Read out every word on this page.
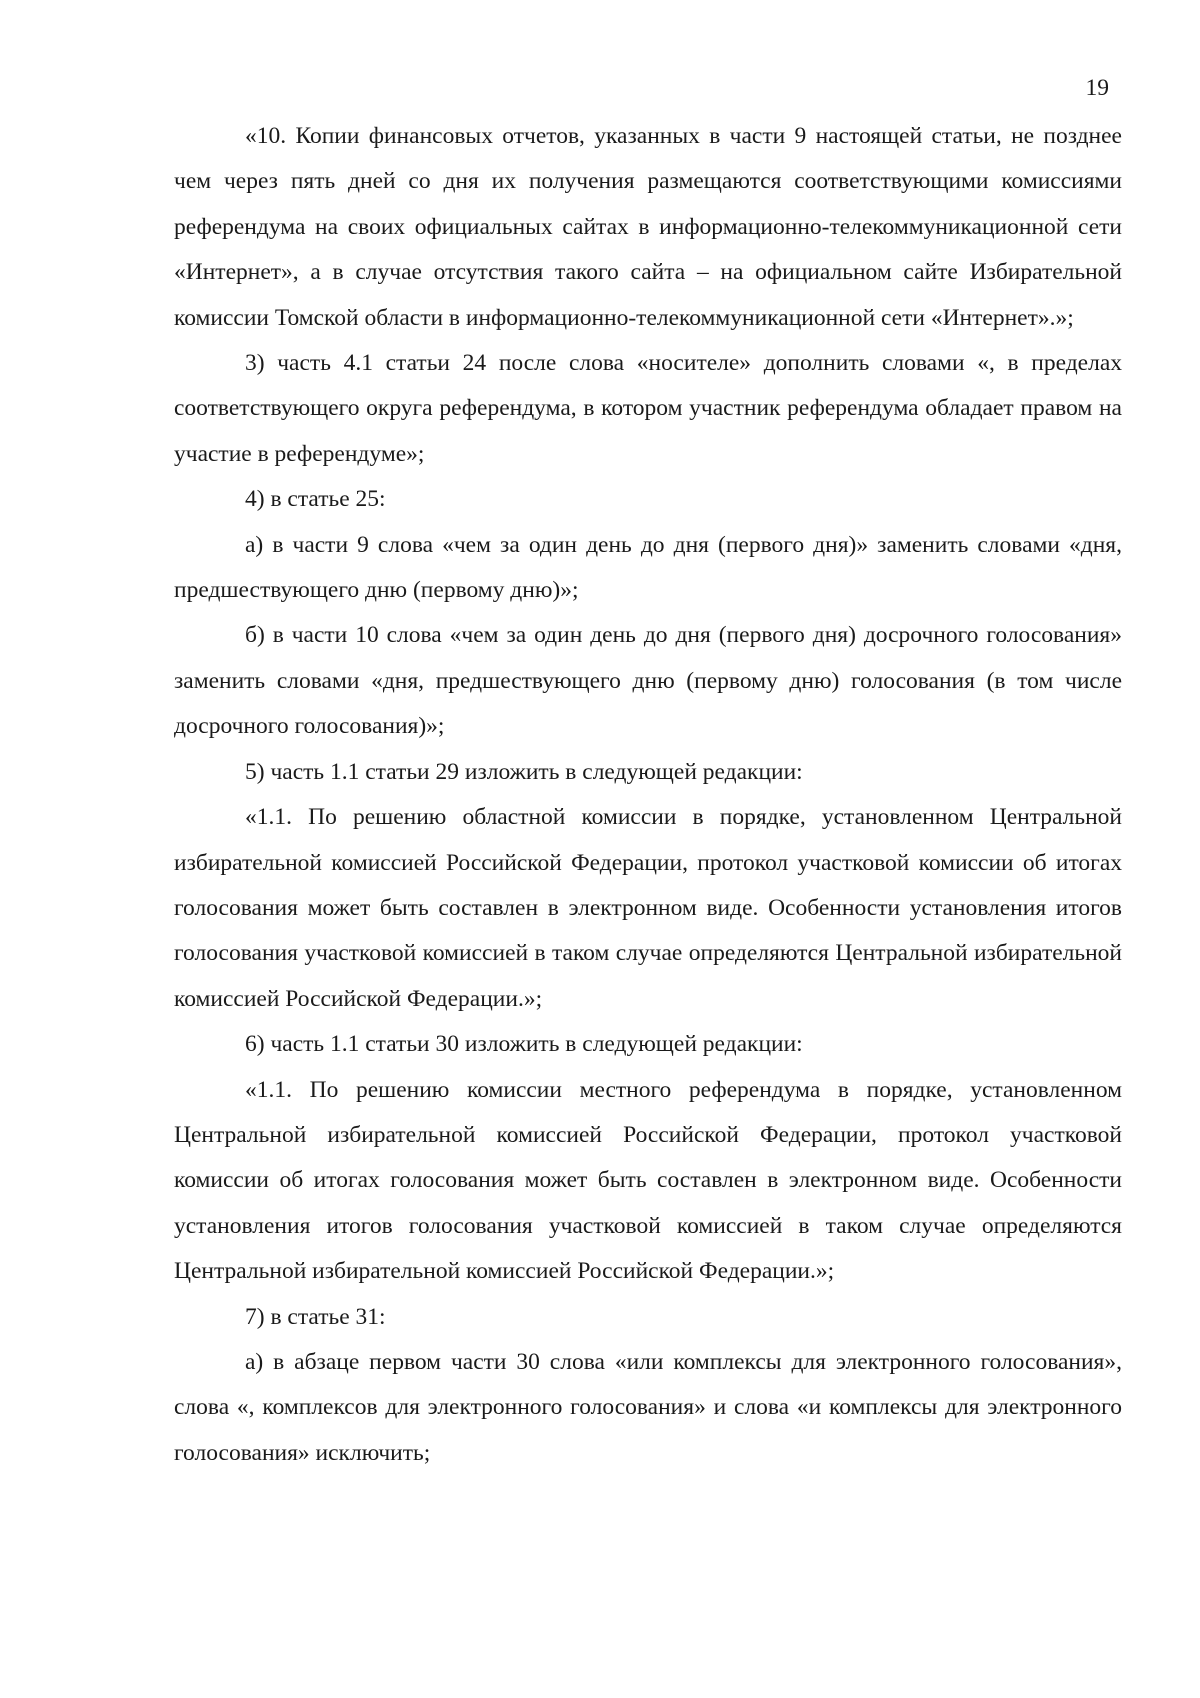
19

«10. Копии финансовых отчетов, указанных в части 9 настоящей статьи, не позднее чем через пять дней со дня их получения размещаются соответствующими комиссиями референдума на своих официальных сайтах в информационно-телекоммуникационной сети «Интернет», а в случае отсутствия такого сайта – на официальном сайте Избирательной комиссии Томской области в информационно-телекоммуникационной сети «Интернет».»;

3) часть 4.1 статьи 24 после слова «носителе» дополнить словами «, в пределах соответствующего округа референдума, в котором участник референдума обладает правом на участие в референдуме»;

4) в статье 25:

а) в части 9 слова «чем за один день до дня (первого дня)» заменить словами «дня, предшествующего дню (первому дню)»;

б) в части 10 слова «чем за один день до дня (первого дня) досрочного голосования» заменить словами «дня, предшествующего дню (первому дню) голосования (в том числе досрочного голосования)»;

5) часть 1.1 статьи 29 изложить в следующей редакции:

«1.1. По решению областной комиссии в порядке, установленном Центральной избирательной комиссией Российской Федерации, протокол участковой комиссии об итогах голосования может быть составлен в электронном виде. Особенности установления итогов голосования участковой комиссией в таком случае определяются Центральной избирательной комиссией Российской Федерации.»;

6) часть 1.1 статьи 30 изложить в следующей редакции:

«1.1. По решению комиссии местного референдума в порядке, установленном Центральной избирательной комиссией Российской Федерации, протокол участковой комиссии об итогах голосования может быть составлен в электронном виде. Особенности установления итогов голосования участковой комиссией в таком случае определяются Центральной избирательной комиссией Российской Федерации.»;

7) в статье 31:

а) в абзаце первом части 30 слова «или комплексы для электронного голосования», слова «, комплексов для электронного голосования» и слова «и комплексы для электронного голосования» исключить;
